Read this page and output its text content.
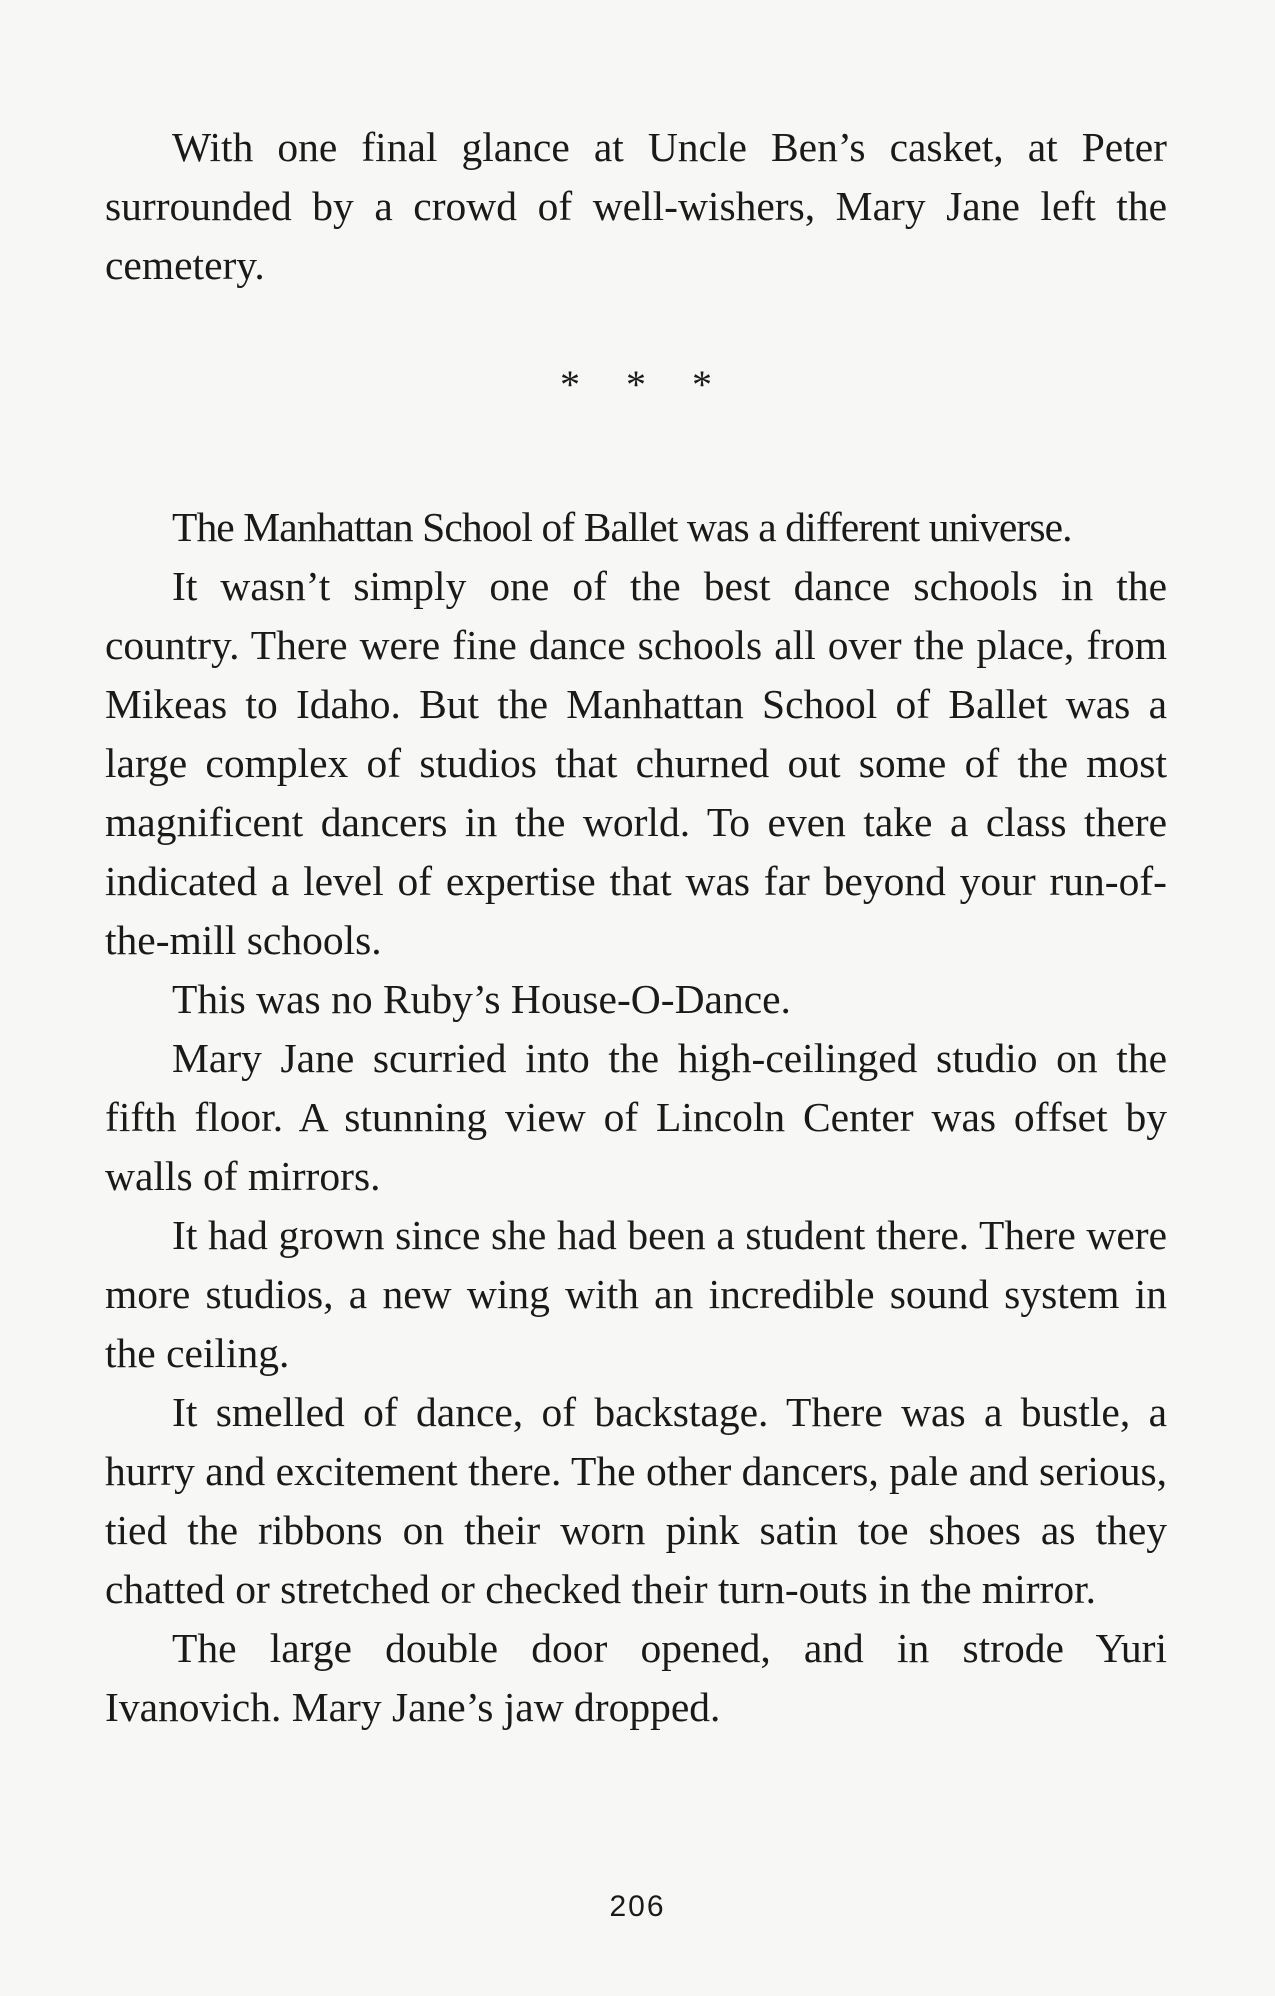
With one final glance at Uncle Ben’s casket, at Peter surrounded by a crowd of well-wishers, Mary Jane left the cemetery.

* * *

The Manhattan School of Ballet was a different universe.

It wasn’t simply one of the best dance schools in the country. There were fine dance schools all over the place, from Mikeas to Idaho. But the Manhattan School of Ballet was a large complex of studios that churned out some of the most magnificent dancers in the world. To even take a class there indicated a level of expertise that was far beyond your run-of-the-mill schools.

This was no Ruby’s House-O-Dance.

Mary Jane scurried into the high-ceilinged studio on the fifth floor. A stunning view of Lincoln Center was offset by walls of mirrors.

It had grown since she had been a student there. There were more studios, a new wing with an incredible sound system in the ceiling.

It smelled of dance, of backstage. There was a bustle, a hurry and excitement there. The other dancers, pale and serious, tied the ribbons on their worn pink satin toe shoes as they chatted or stretched or checked their turn-outs in the mirror.

The large double door opened, and in strode Yuri Ivanovich. Mary Jane’s jaw dropped.

206
